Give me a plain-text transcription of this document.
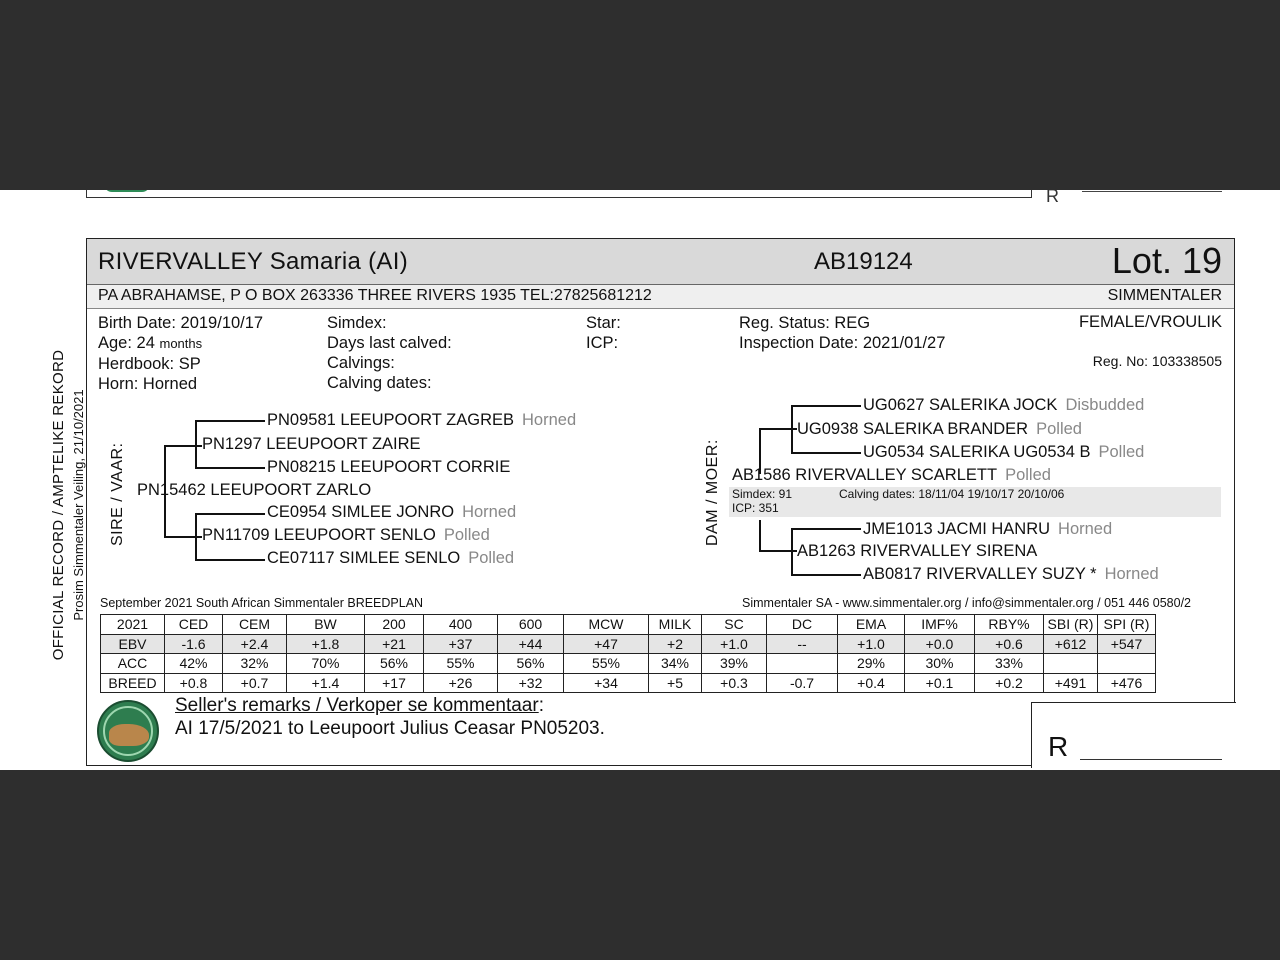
R
OFFICIAL RECORD / AMPTELIKE REKORD Prosim Simmentaler Veiling, 21/10/2021
RIVERVALLEY Samaria (AI)	AB19124	Lot. 19
PA ABRAHAMSE, P O BOX 263336 THREE RIVERS 1935 TEL:27825681212	SIMMENTALER
Birth Date: 2019/10/17
Age: 24 months
Herdbook: SP
Horn: Horned
Simdex:
Days last calved:
Calvings:
Calving dates:
Star:
ICP:
Reg. Status: REG
Inspection Date: 2021/01/27
FEMALE/VROULIK
Reg. No: 103338505
SIRE / VAAR:
PN09581 LEEUPOORT ZAGREB Horned
PN1297 LEEUPOORT ZAIRE
PN08215 LEEUPOORT CORRIE
PN15462 LEEUPOORT ZARLO
CE0954 SIMLEE JONRO Horned
PN11709 LEEUPOORT SENLO Polled
CE07117 SIMLEE SENLO Polled
DAM / MOER:
UG0627 SALERIKA JOCK Disbudded
UG0938 SALERIKA BRANDER Polled
UG0534 SALERIKA UG0534 B Polled
AB1586 RIVERVALLEY SCARLETT Polled
Simdex: 91	Calving dates: 18/11/04 19/10/17 20/10/06
ICP: 351
JME1013 JACMI HANRU Horned
AB1263 RIVERVALLEY SIRENA
AB0817 RIVERVALLEY SUZY * Horned
September 2021 South African Simmentaler BREEDPLAN	Simmentaler SA - www.simmentaler.org / info@simmentaler.org / 051 446 0580/2
2021	CED	CEM	BW	200	400	600	MCW	MILK	SC	DC	EMA	IMF%	RBY%	SBI (R)	SPI (R)
EBV	-1.6	+2.4	+1.8	+21	+37	+44	+47	+2	+1.0	--	+1.0	+0.0	+0.6	+612	+547
ACC	42%	32%	70%	56%	55%	56%	55%	34%	39%		29%	30%	33%		
BREED	+0.8	+0.7	+1.4	+17	+26	+32	+34	+5	+0.3	-0.7	+0.4	+0.1	+0.2	+491	+476
Seller's remarks / Verkoper se kommentaar:
AI 17/5/2021 to Leeupoort Julius Ceasar PN05203.
R
